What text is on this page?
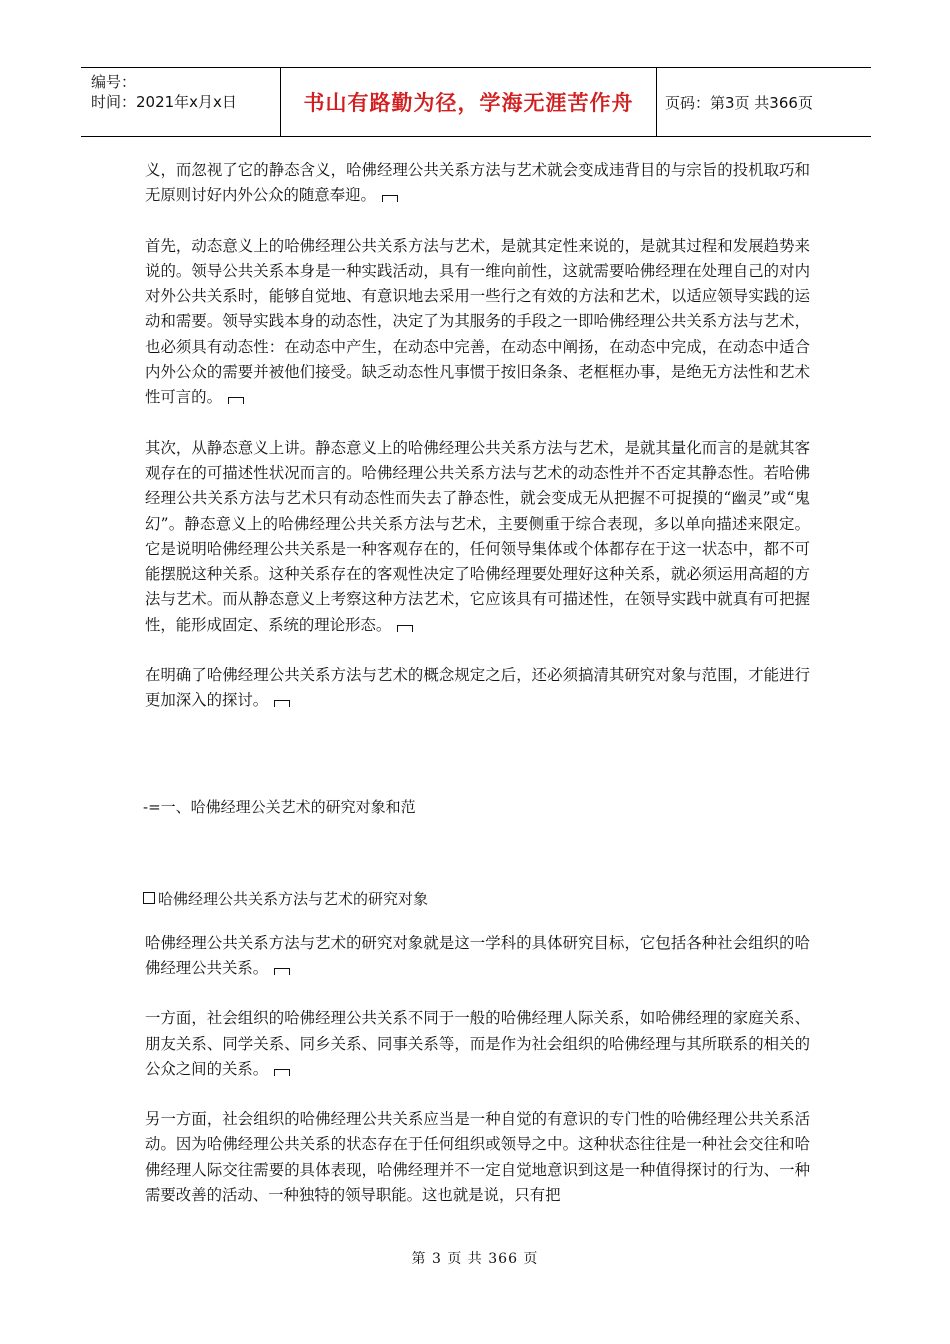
编号：
时间：2021年x月x日	书山有路勤为径，学海无涯苦作舟	页码：第3页 共366页

义，而忽视了它的静态含义，哈佛经理公共关系方法与艺术就会变成违背目的与宗旨的投机取巧和无原则讨好内外公众的随意奉迎。

首先，动态意义上的哈佛经理公共关系方法与艺术，是就其定性来说的，是就其过程和发展趋势来说的。领导公共关系本身是一种实践活动，具有一维向前性，这就需要哈佛经理在处理自己的对内对外公共关系时，能够自觉地、有意识地去采用一些行之有效的方法和艺术，以适应领导实践的运动和需要。领导实践本身的动态性，决定了为其服务的手段之一即哈佛经理公共关系方法与艺术，也必须具有动态性：在动态中产生，在动态中完善，在动态中阐扬，在动态中完成，在动态中适合内外公众的需要并被他们接受。缺乏动态性凡事惯于按旧条条、老框框办事，是绝无方法性和艺术性可言的。

其次，从静态意义上讲。静态意义上的哈佛经理公共关系方法与艺术，是就其量化而言的是就其客观存在的可描述性状况而言的。哈佛经理公共关系方法与艺术的动态性并不否定其静态性。若哈佛经理公共关系方法与艺术只有动态性而失去了静态性，就会变成无从把握不可捉摸的“幽灵”或“鬼幻”。静态意义上的哈佛经理公共关系方法与艺术，主要侧重于综合表现，多以单向描述来限定。它是说明哈佛经理公共关系是一种客观存在的，任何领导集体或个体都存在于这一状态中，都不可能摆脱这种关系。这种关系存在的客观性决定了哈佛经理要处理好这种关系，就必须运用高超的方法与艺术。而从静态意义上考察这种方法艺术，它应该具有可描述性，在领导实践中就真有可把握性，能形成固定、系统的理论形态。

在明确了哈佛经理公共关系方法与艺术的概念规定之后，还必须搞清其研究对象与范围，才能进行更加深入的探讨。

-=一、哈佛经理公关艺术的研究对象和范

哈佛经理公共关系方法与艺术的研究对象

哈佛经理公共关系方法与艺术的研究对象就是这一学科的具体研究目标，它包括各种社会组织的哈佛经理公共关系。

一方面，社会组织的哈佛经理公共关系不同于一般的哈佛经理人际关系，如哈佛经理的家庭关系、朋友关系、同学关系、同乡关系、同事关系等，而是作为社会组织的哈佛经理与其所联系的相关的公众之间的关系。

另一方面，社会组织的哈佛经理公共关系应当是一种自觉的有意识的专门性的哈佛经理公共关系活动。因为哈佛经理公共关系的状态存在于任何组织或领导之中。这种状态往往是一种社会交往和哈佛经理人际交往需要的具体表现，哈佛经理并不一定自觉地意识到这是一种值得探讨的行为、一种需要改善的活动、一种独特的领导职能。这也就是说，只有把

第 3 页 共 366 页
